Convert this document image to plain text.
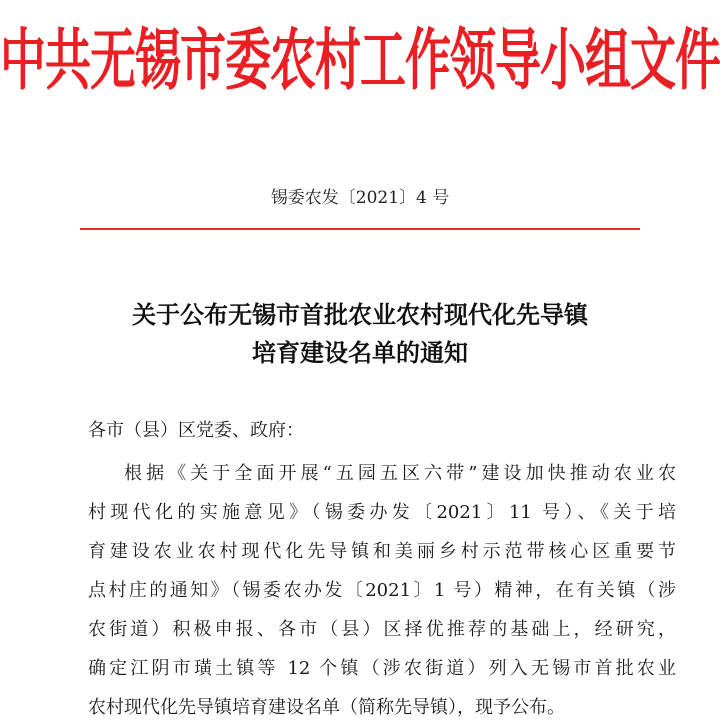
中共无锡市委农村工作领导小组文件
锡委农发〔2021〕4 号
关于公布无锡市首批农业农村现代化先导镇
培育建设名单的通知
各市（县）区党委、政府：
根据《关于全面开展“五园五区六带”建设加快推动农业农
村现代化的实施意见》（锡委办发〔2021〕11 号）、《关于培
育建设农业农村现代化先导镇和美丽乡村示范带核心区重要节
点村庄的通知》（锡委农办发〔2021〕1 号）精神，在有关镇（涉
农街道）积极申报、各市（县）区择优推荐的基础上，经研究，
确定江阴市璜土镇等 12 个镇（涉农街道）列入无锡市首批农业
农村现代化先导镇培育建设名单（简称先导镇），现予公布。
